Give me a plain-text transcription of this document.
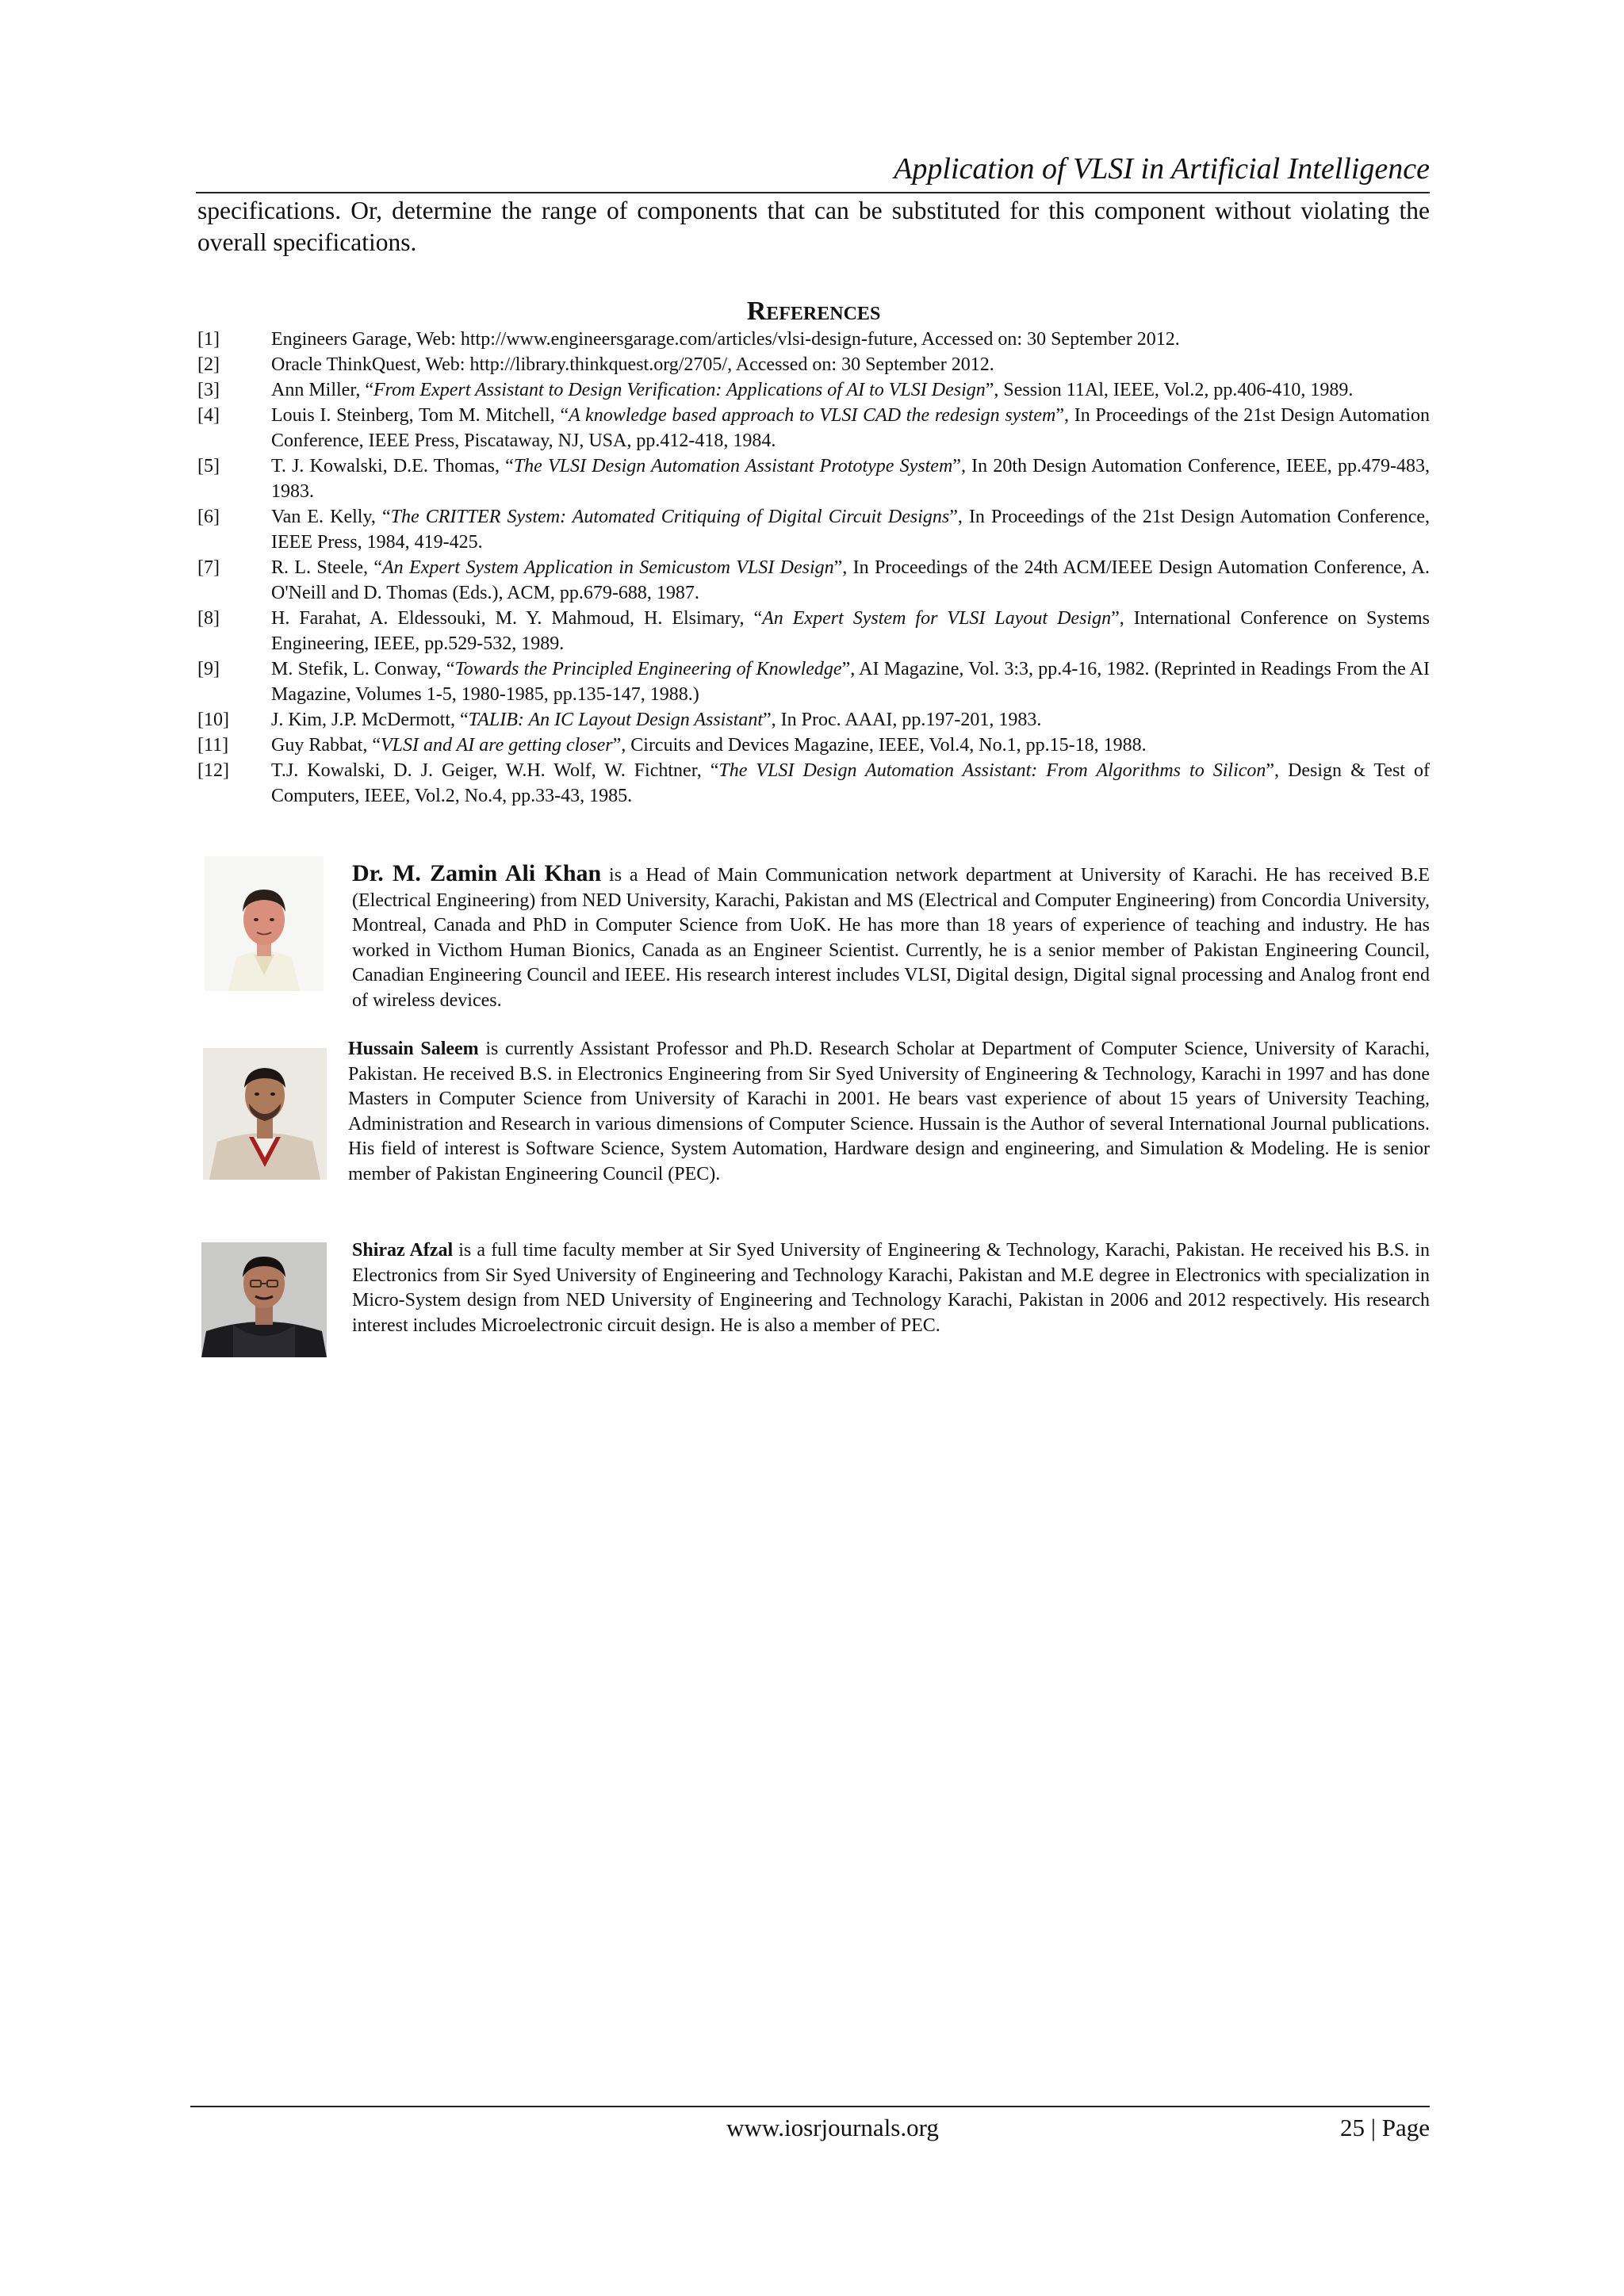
Application of VLSI in Artificial Intelligence
specifications. Or, determine the range of components that can be substituted for this component without violating the overall specifications.
References
[1]	Engineers Garage, Web: http://www.engineersgarage.com/articles/vlsi-design-future, Accessed on: 30 September 2012.
[2]	Oracle ThinkQuest, Web: http://library.thinkquest.org/2705/, Accessed on: 30 September 2012.
[3]	Ann Miller, “From Expert Assistant to Design Verification: Applications of AI to VLSI Design”, Session 11Al, IEEE, Vol.2, pp.406-410, 1989.
[4]	Louis I. Steinberg, Tom M. Mitchell, “A knowledge based approach to VLSI CAD the redesign system”, In Proceedings of the 21st Design Automation Conference, IEEE Press, Piscataway, NJ, USA, pp.412-418, 1984.
[5]	T. J. Kowalski, D.E. Thomas, “The VLSI Design Automation Assistant Prototype System”, In 20th Design Automation Conference, IEEE, pp.479-483, 1983.
[6]	Van E. Kelly, “The CRITTER System: Automated Critiquing of Digital Circuit Designs”, In Proceedings of the 21st Design Automation Conference, IEEE Press, 1984, 419-425.
[7]	R. L. Steele, “An Expert System Application in Semicustom VLSI Design”, In Proceedings of the 24th ACM/IEEE Design Automation Conference, A. O'Neill and D. Thomas (Eds.), ACM, pp.679-688, 1987.
[8]	H. Farahat, A. Eldessouki, M. Y. Mahmoud, H. Elsimary, “An Expert System for VLSI Layout Design”, International Conference on Systems Engineering, IEEE, pp.529-532, 1989.
[9]	M. Stefik, L. Conway, “Towards the Principled Engineering of Knowledge”, AI Magazine, Vol. 3:3, pp.4-16, 1982. (Reprinted in Readings From the AI Magazine, Volumes 1-5, 1980-1985, pp.135-147, 1988.)
[10] J. Kim, J.P. McDermott, “TALIB: An IC Layout Design Assistant”, In Proc. AAAI, pp.197-201, 1983.
[11] Guy Rabbat, “VLSI and AI are getting closer”, Circuits and Devices Magazine, IEEE, Vol.4, No.1, pp.15-18, 1988.
[12] T.J. Kowalski, D. J. Geiger, W.H. Wolf, W. Fichtner, “The VLSI Design Automation Assistant: From Algorithms to Silicon”, Design & Test of Computers, IEEE, Vol.2, No.4, pp.33-43, 1985.
Dr. M. Zamin Ali Khan is a Head of Main Communication network department at University of Karachi. He has received B.E (Electrical Engineering) from NED University, Karachi, Pakistan and MS (Electrical and Computer Engineering) from Concordia University, Montreal, Canada and PhD in Computer Science from UoK. He has more than 18 years of experience of teaching and industry. He has worked in Victhom Human Bionics, Canada as an Engineer Scientist. Currently, he is a senior member of Pakistan Engineering Council, Canadian Engineering Council and IEEE. His research interest includes VLSI, Digital design, Digital signal processing and Analog front end of wireless devices.
Hussain Saleem is currently Assistant Professor and Ph.D. Research Scholar at Department of Computer Science, University of Karachi, Pakistan. He received B.S. in Electronics Engineering from Sir Syed University of Engineering & Technology, Karachi in 1997 and has done Masters in Computer Science from University of Karachi in 2001. He bears vast experience of about 15 years of University Teaching, Administration and Research in various dimensions of Computer Science. Hussain is the Author of several International Journal publications. His field of interest is Software Science, System Automation, Hardware design and engineering, and Simulation & Modeling. He is senior member of Pakistan Engineering Council (PEC).
Shiraz Afzal is a full time faculty member at Sir Syed University of Engineering & Technology, Karachi, Pakistan. He received his B.S. in Electronics from Sir Syed University of Engineering and Technology Karachi, Pakistan and M.E degree in Electronics with specialization in Micro-System design from NED University of Engineering and Technology Karachi, Pakistan in 2006 and 2012 respectively. His research interest includes Microelectronic circuit design. He is also a member of PEC.
www.iosrjournals.org	25 | Page
